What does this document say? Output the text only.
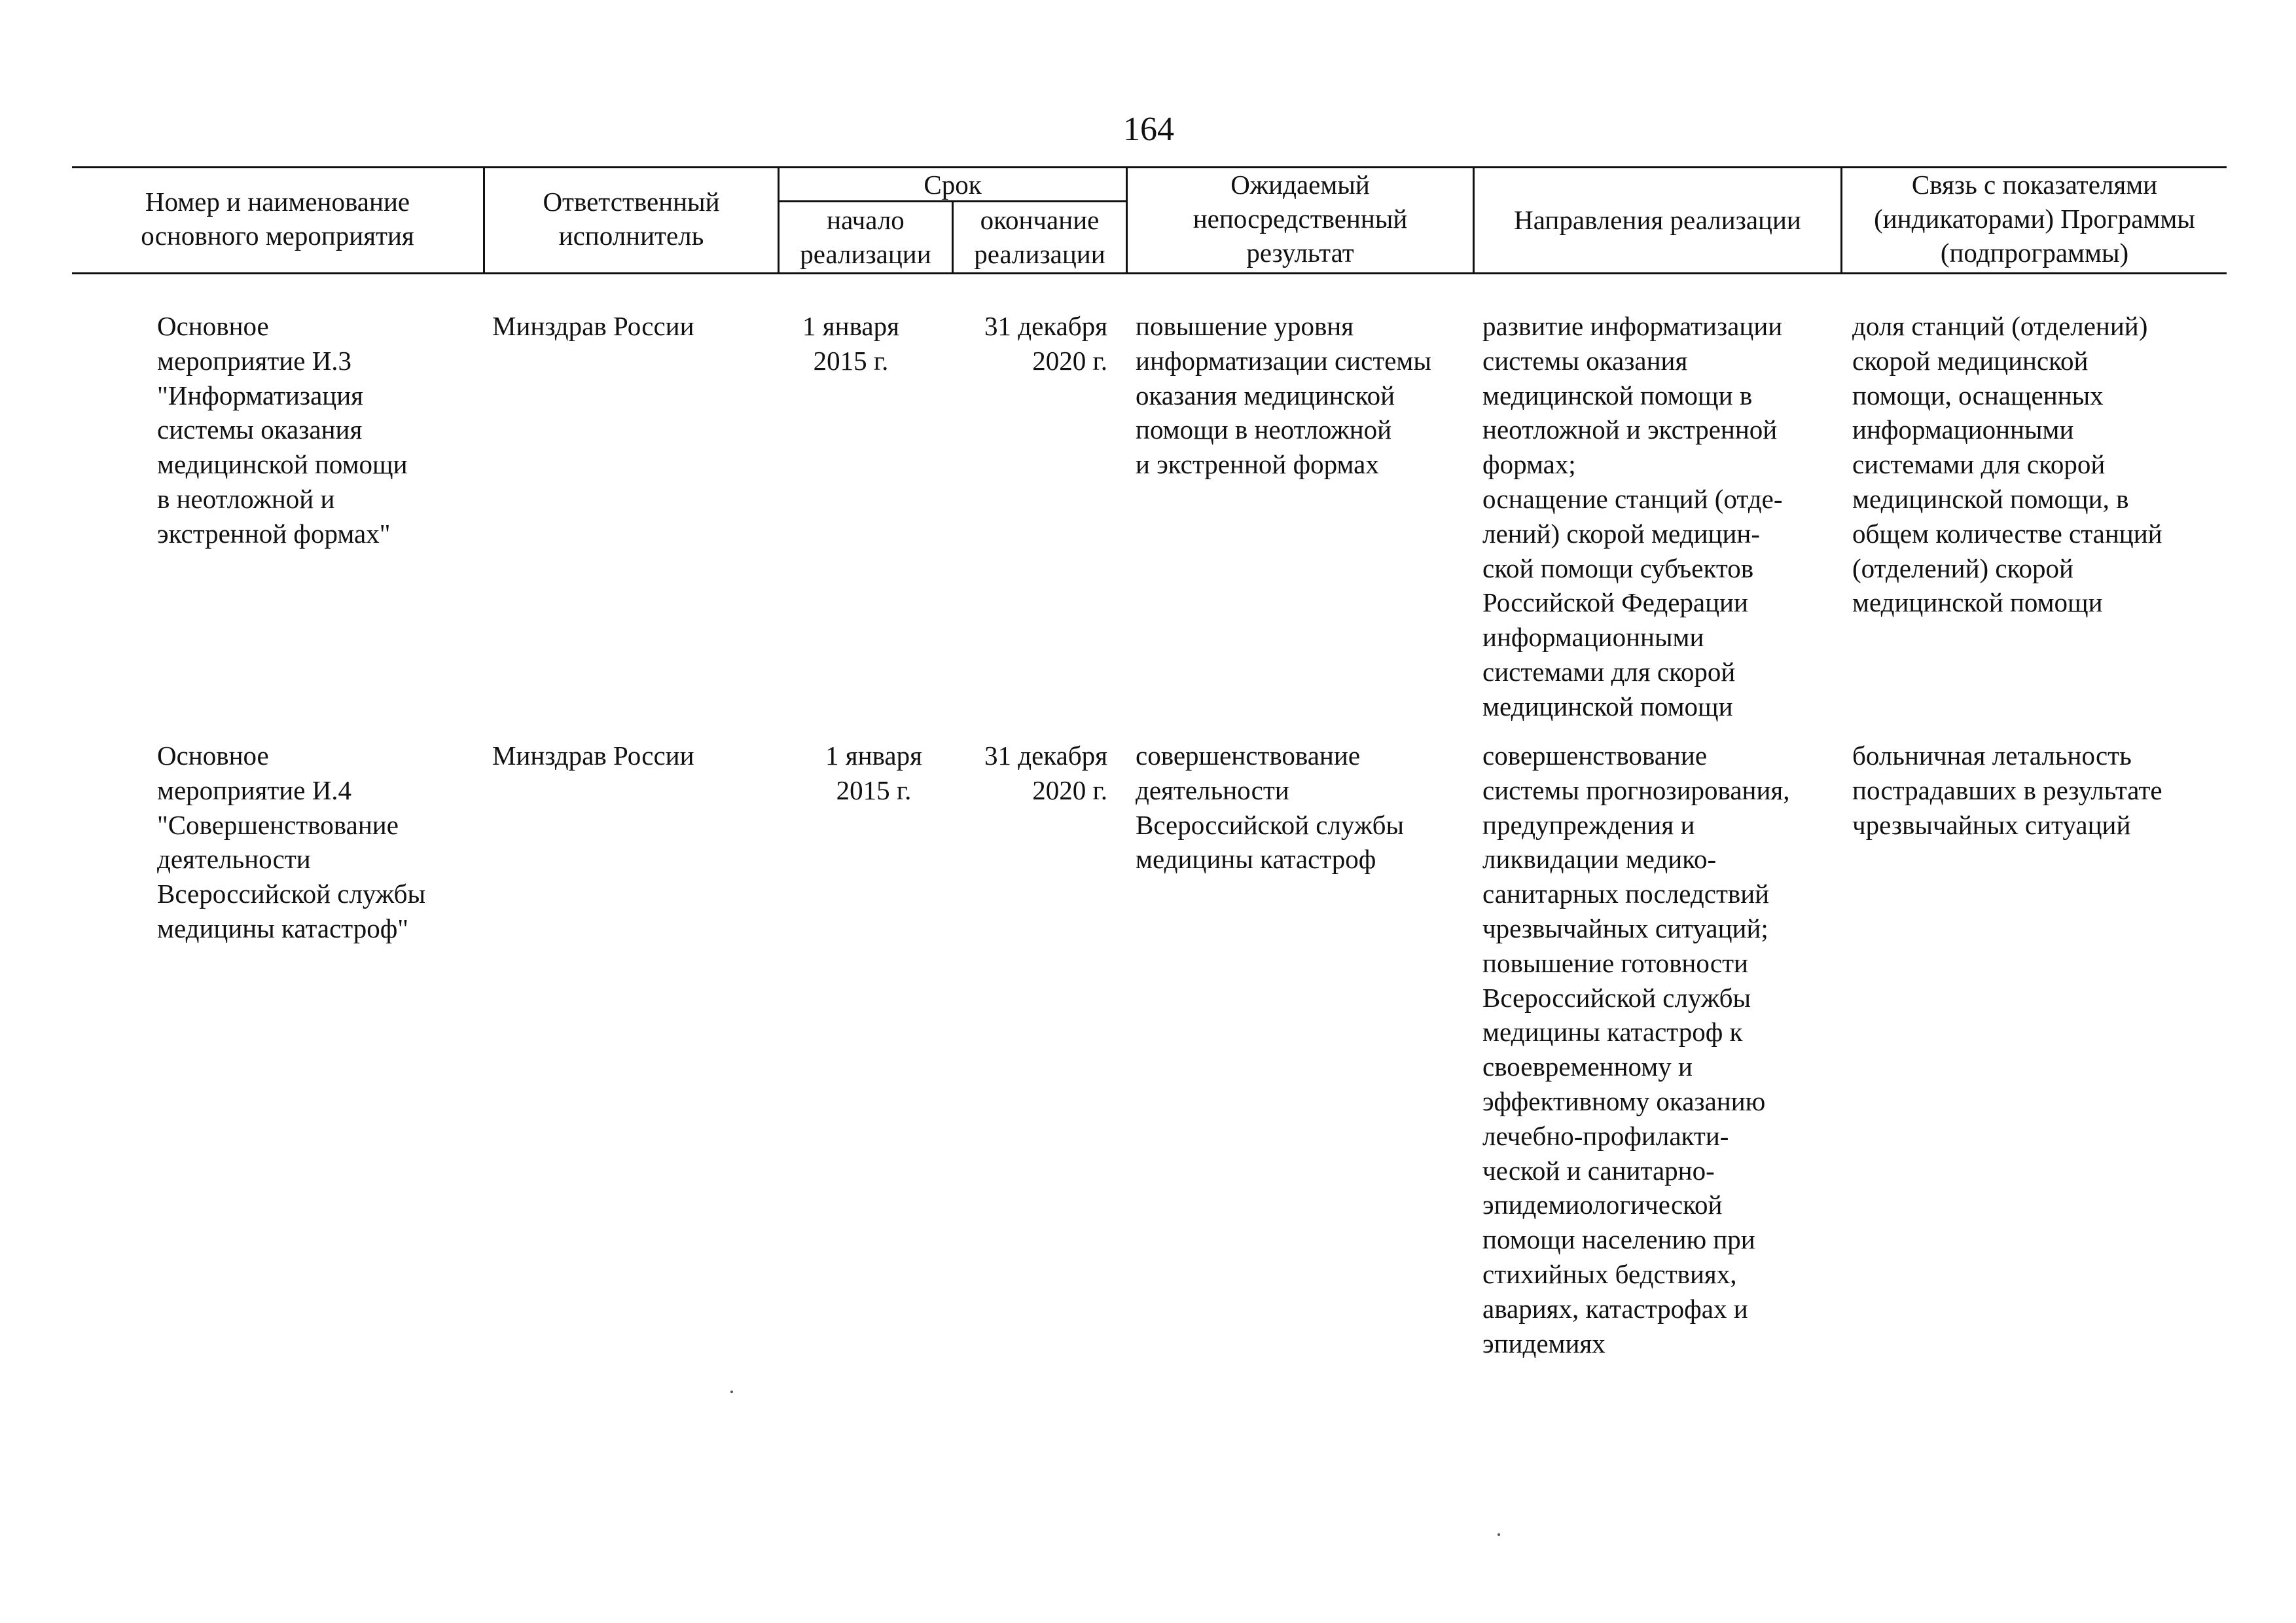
164
Номер и наименование
основного мероприятия
Ответственный
исполнитель
Срок
начало
реализации
окончание
реализации
Ожидаемый
непосредственный
результат
Направления реализации
Связь с показателями
(индикаторами) Программы
(подпрограммы)
Основное
мероприятие И.3
"Информатизация
системы оказания
медицинской помощи
в неотложной и
экстренной формах"
Минздрав России	1 января
2015 г.
31 декабря
2020 г.
повышение уровня
информатизации системы
оказания медицинской
помощи в неотложной
и экстренной формах
развитие информатизации
системы оказания
медицинской помощи в
неотложной и экстренной
формах;
оснащение станций (отде-
лений) скорой медицин-
ской помощи субъектов
Российской Федерации
информационными
системами для скорой
медицинской помощи
доля станций (отделений)
скорой медицинской
помощи, оснащенных
информационными
системами для скорой
медицинской помощи, в
общем количестве станций
(отделений) скорой
медицинской помощи
Основное
мероприятие И.4
"Совершенствование
деятельности
Всероссийской службы
медицины катастроф"
Минздрав России	1 января
2015 г.
31 декабря
2020 г.
совершенствование
деятельности
Всероссийской службы
медицины катастроф
совершенствование
системы прогнозирования,
предупреждения и
ликвидации медико-
санитарных последствий
чрезвычайных ситуаций;
повышение готовности
Всероссийской службы
медицины катастроф к
своевременному и
эффективному оказанию
лечебно-профилакти-
ческой и санитарно-
эпидемиологической
помощи населению при
стихийных бедствиях,
авариях, катастрофах и
эпидемиях
больничная летальность
пострадавших в результате
чрезвычайных ситуаций
